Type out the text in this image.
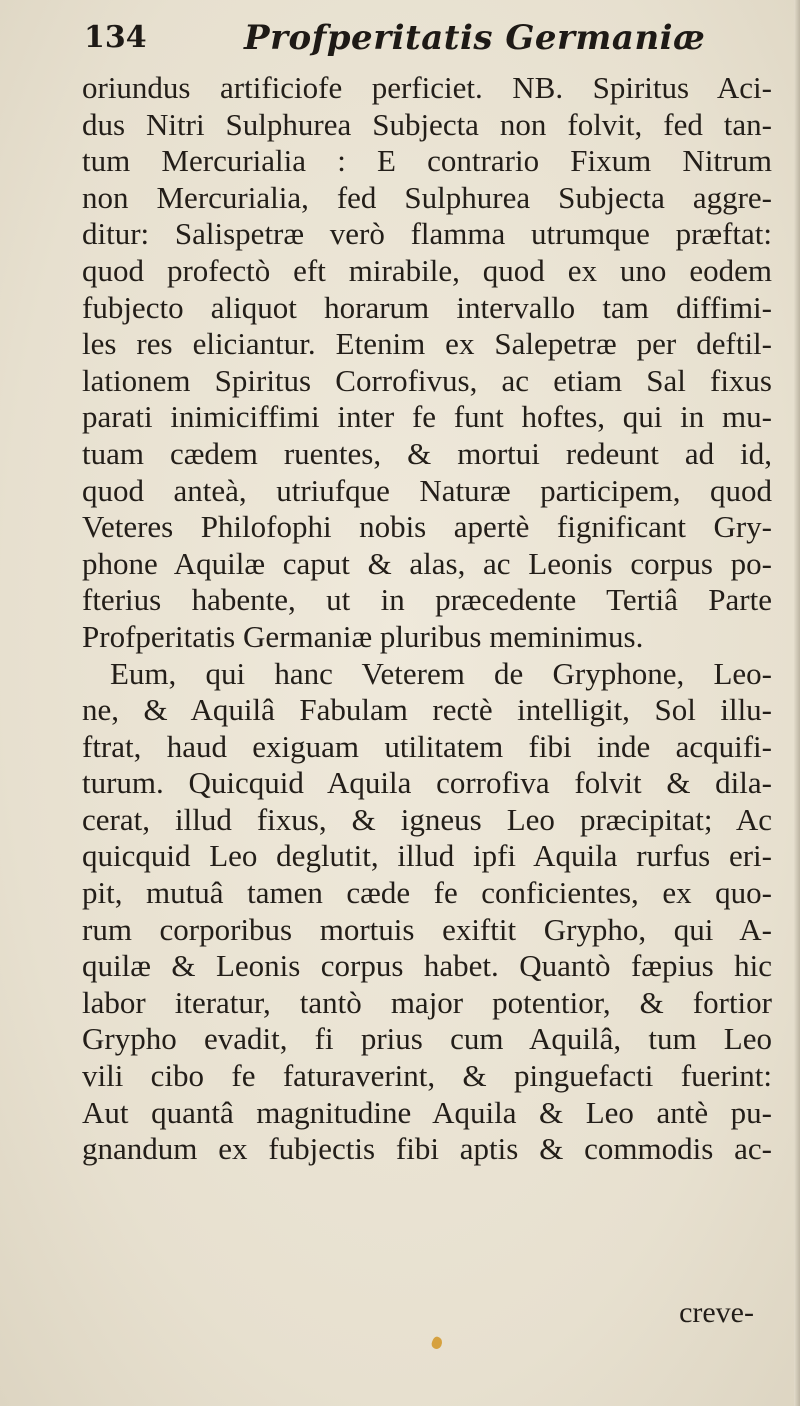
134	Profperitatis Germaniæ
oriundus artificiofe perficiet. NB. Spiritus Aci-
dus Nitri Sulphurea Subjecta non folvit, fed tan-
tum Mercurialia : E contrario Fixum Nitrum
non Mercurialia, fed Sulphurea Subjecta aggre-
ditur: Salispetræ verò flamma utrumque præftat:
quod profectò eft mirabile, quod ex uno eodem
fubjecto aliquot horarum intervallo tam diffimi-
les res eliciantur. Etenim ex Salepetræ per deftil-
lationem Spiritus Corrofivus, ac etiam Sal fixus
parati inimiciffimi inter fe funt hoftes, qui in mu-
tuam cædem ruentes, & mortui redeunt ad id,
quod anteà, utriufque Naturæ participem, quod
Veteres Philofophi nobis apertè fignificant Gry-
phone Aquilæ caput & alas, ac Leonis corpus po-
fterius habente, ut in præcedente Tertiâ Parte
Profperitatis Germaniæ pluribus meminimus.
Eum, qui hanc Veterem de Gryphone, Leo-
ne, & Aquilâ Fabulam rectè intelligit, Sol illu-
ftrat, haud exiguam utilitatem fibi inde acquifi-
turum. Quicquid Aquila corrofiva folvit & dila-
cerat, illud fixus, & igneus Leo præcipitat; Ac
quicquid Leo deglutit, illud ipfi Aquila rurfus eri-
pit, mutuâ tamen cæde fe conficientes, ex quo-
rum corporibus mortuis exiftit Grypho, qui A-
quilæ & Leonis corpus habet. Quantò fæpius hic
labor iteratur, tantò major potentior, & fortior
Grypho evadit, fi prius cum Aquilâ, tum Leo
vili cibo fe faturaverint, & pinguefacti fuerint:
Aut quantâ magnitudine Aquila & Leo antè pu-
gnandum ex fubjectis fibi aptis & commodis ac-
creve-
